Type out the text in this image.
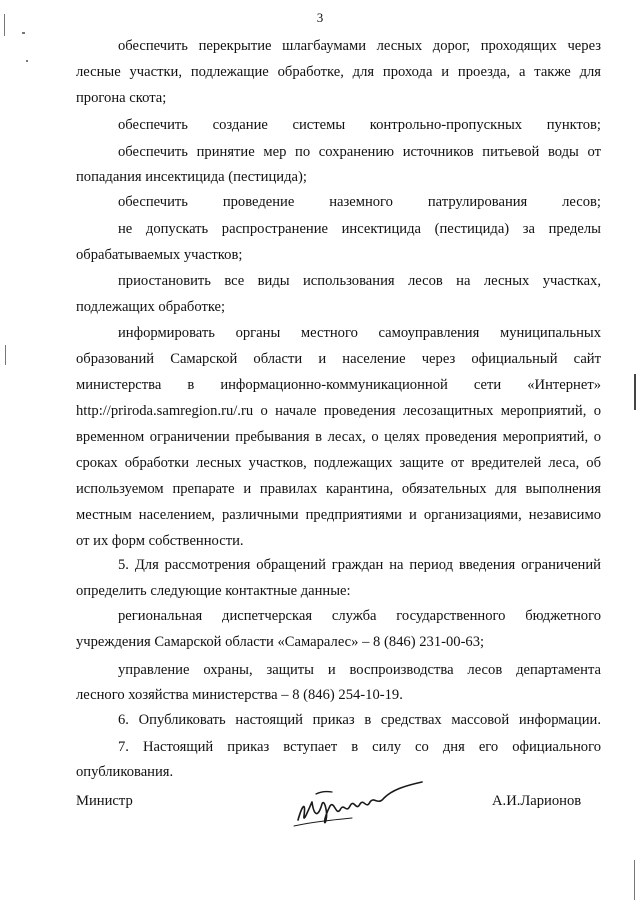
3
обеспечить перекрытие шлагбаумами лесных дорог, проходящих через
лесные участки, подлежащие обработке, для прохода и проезда, а также для
прогона скота;
обеспечить создание системы контрольно-пропускных пунктов;
обеспечить принятие мер по сохранению источников питьевой воды от
попадания инсектицида (пестицида);
обеспечить проведение наземного патрулирования лесов;
не допускать распространение инсектицида (пестицида) за пределы
обрабатываемых участков;
приостановить все виды использования лесов на лесных участках,
подлежащих обработке;
информировать органы местного самоуправления муниципальных
образований Самарской области и население через официальный сайт
министерства в информационно-коммуникационной сети «Интернет»
http://priroda.samregion.ru/.ru о начале проведения лесозащитных мероприятий, о
временном ограничении пребывания в лесах, о целях проведения мероприятий, о
сроках обработки лесных участков, подлежащих защите от вредителей леса, об
используемом препарате и правилах карантина, обязательных для выполнения
местным населением, различными предприятиями и организациями, независимо
от их форм собственности.
5. Для рассмотрения обращений граждан на период введения ограничений
определить следующие контактные данные:
региональная диспетчерская служба государственного бюджетного
учреждения Самарской области «Самаралес» – 8 (846) 231-00-63;
управление охраны, защиты и воспроизводства лесов департамента
лесного хозяйства министерства – 8 (846) 254-10-19.
6. Опубликовать настоящий приказ в средствах массовой информации.
7. Настоящий приказ вступает в силу со дня его официального
опубликования.
Министр	А.И.Ларионов
